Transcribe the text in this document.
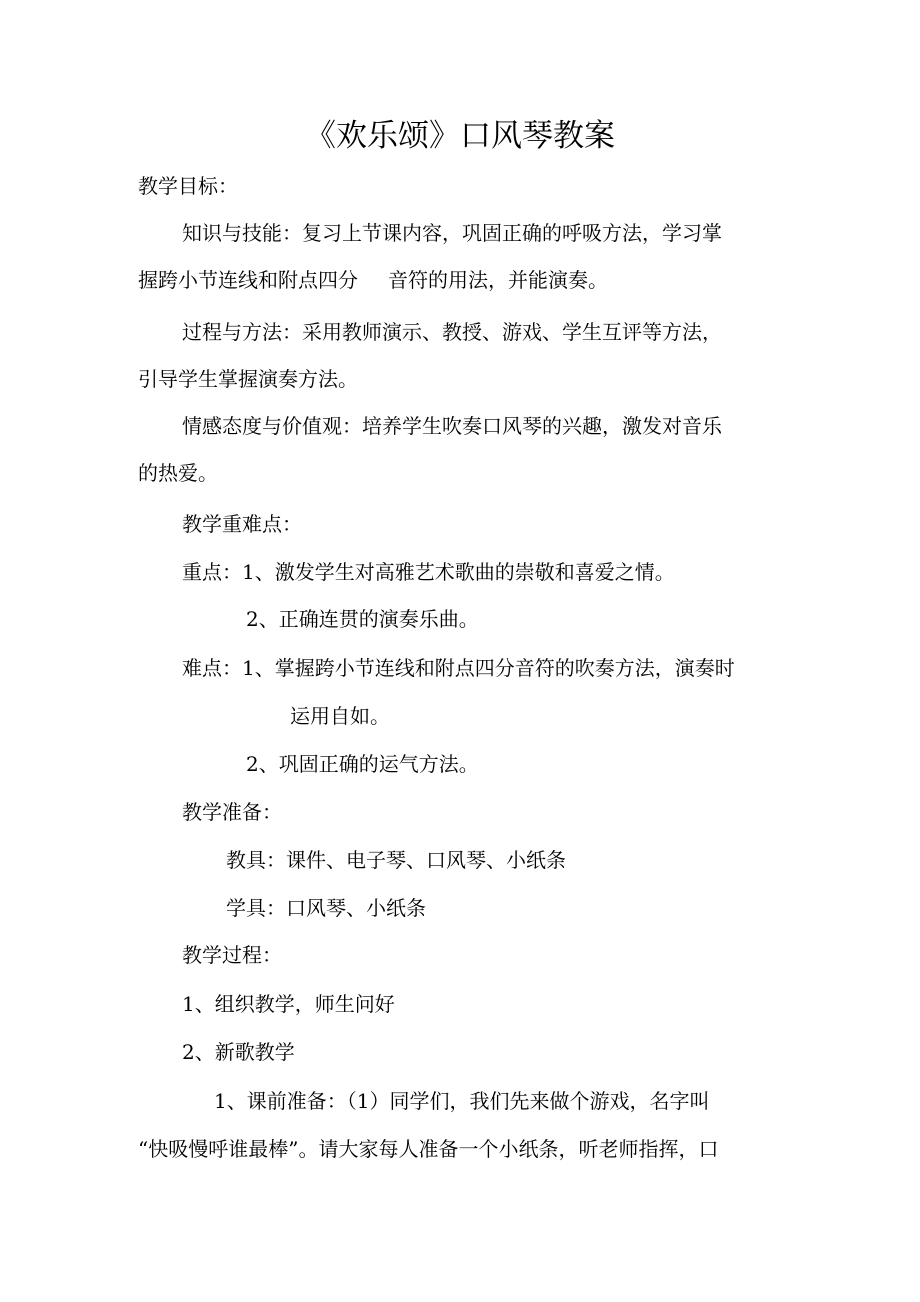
《欢乐颂》口风琴教案
教学目标：
知识与技能：复习上节课内容，巩固正确的呼吸方法，学习掌
握跨小节连线和附点四分 音符的用法，并能演奏。
过程与方法：采用教师演示、教授、游戏、学生互评等方法，
引导学生掌握演奏方法。
情感态度与价值观：培养学生吹奏口风琴的兴趣，激发对音乐
的热爱。
教学重难点：
重点：1、激发学生对高雅艺术歌曲的崇敬和喜爱之情。
2、正确连贯的演奏乐曲。
难点：1、掌握跨小节连线和附点四分音符的吹奏方法，演奏时
运用自如。
2、巩固正确的运气方法。
教学准备：
教具：课件、电子琴、口风琴、小纸条
学具：口风琴、小纸条
教学过程：
1、组织教学，师生问好
2、新歌教学
1、课前准备：（1）同学们，我们先来做个游戏，名字叫
“快吸慢呼谁最棒”。请大家每人准备一个小纸条，听老师指挥，口
